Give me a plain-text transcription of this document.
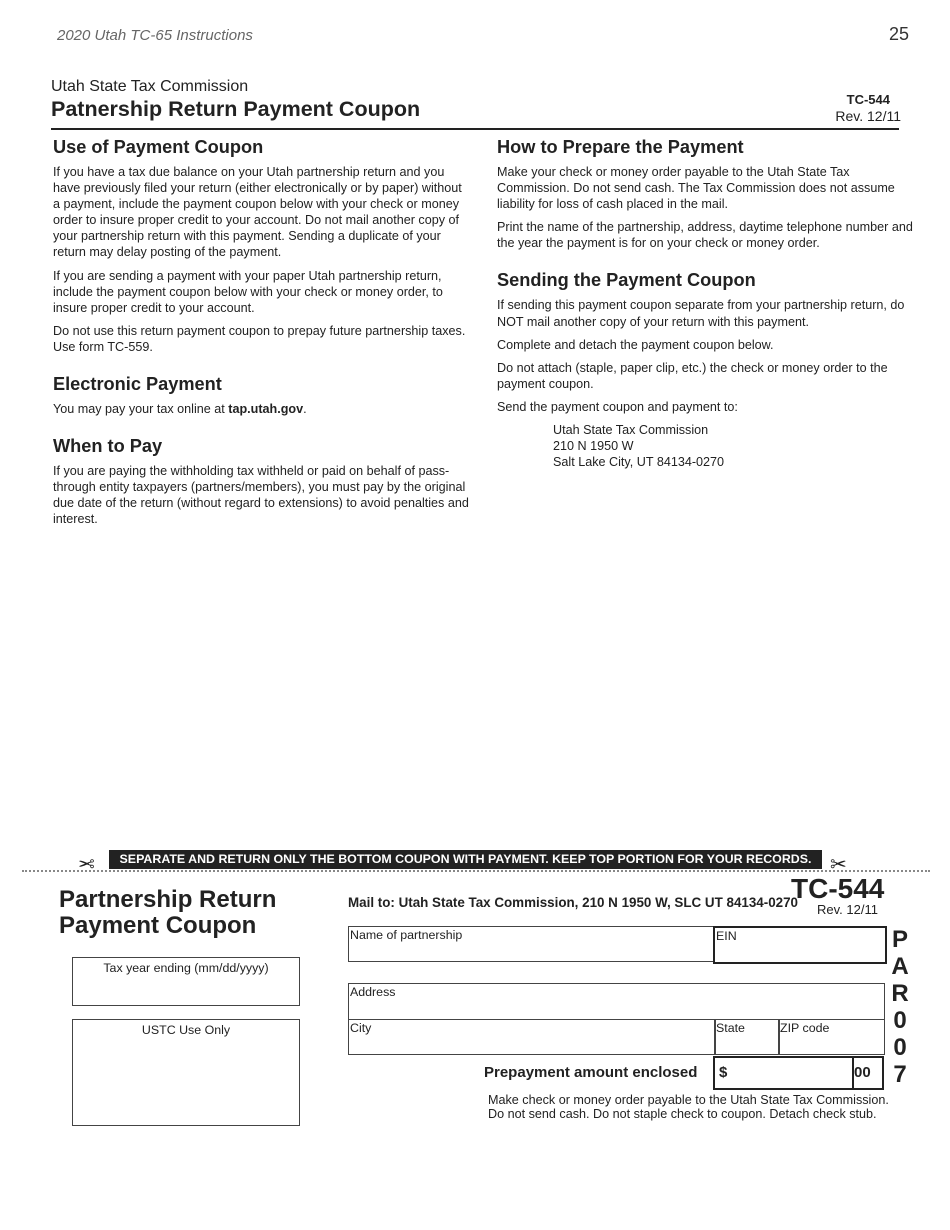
2020 Utah TC-65 Instructions	25
Utah State Tax Commission
Patnership Return Payment Coupon	TC-544
Rev. 12/11
Use of Payment Coupon

If you have a tax due balance on your Utah partnership return and you have previously filed your return (either electronically or by paper) without a payment, include the payment coupon below with your check or money order to insure proper credit to your account. Do not mail another copy of your partnership return with this payment. Sending a duplicate of your return may delay posting of the payment.

If you are sending a payment with your paper Utah partnership return, include the payment coupon below with your check or money order, to insure proper credit to your account.

Do not use this return payment coupon to prepay future partnership taxes. Use form TC-559.

Electronic Payment

You may pay your tax online at tap.utah.gov.

When to Pay

If you are paying the withholding tax withheld or paid on behalf of pass-through entity taxpayers (partners/members), you must pay by the original due date of the return (without regard to extensions) to avoid penalties and interest.

How to Prepare the Payment

Make your check or money order payable to the Utah State Tax Commission. Do not send cash. The Tax Commission does not assume liability for loss of cash placed in the mail.

Print the name of the partnership, address, daytime telephone number and the year the payment is for on your check or money order.

Sending the Payment Coupon

If sending this payment coupon separate from your partnership return, do NOT mail another copy of your return with this payment.

Complete and detach the payment coupon below.

Do not attach (staple, paper clip, etc.) the check or money order to the payment coupon.

Send the payment coupon and payment to:

Utah State Tax Commission
210 N 1950 W
Salt Lake City, UT 84134-0270
✂	SEPARATE AND RETURN ONLY THE BOTTOM COUPON WITH PAYMENT. KEEP TOP PORTION FOR YOUR RECORDS. ✂
Partnership Return
Payment Coupon
Tax year ending (mm/dd/yyyy)
USTC Use Only
Mail to: Utah State Tax Commission, 210 N 1950 W, SLC UT 84134-0270
TC-544
Rev. 12/11
Name of partnership	EIN
Address
City	State	ZIP code
Prepayment amount enclosed $	00
P
A
R
0
0
7
Make check or money order payable to the Utah State Tax Commission.
Do not send cash. Do not staple check to coupon. Detach check stub.
